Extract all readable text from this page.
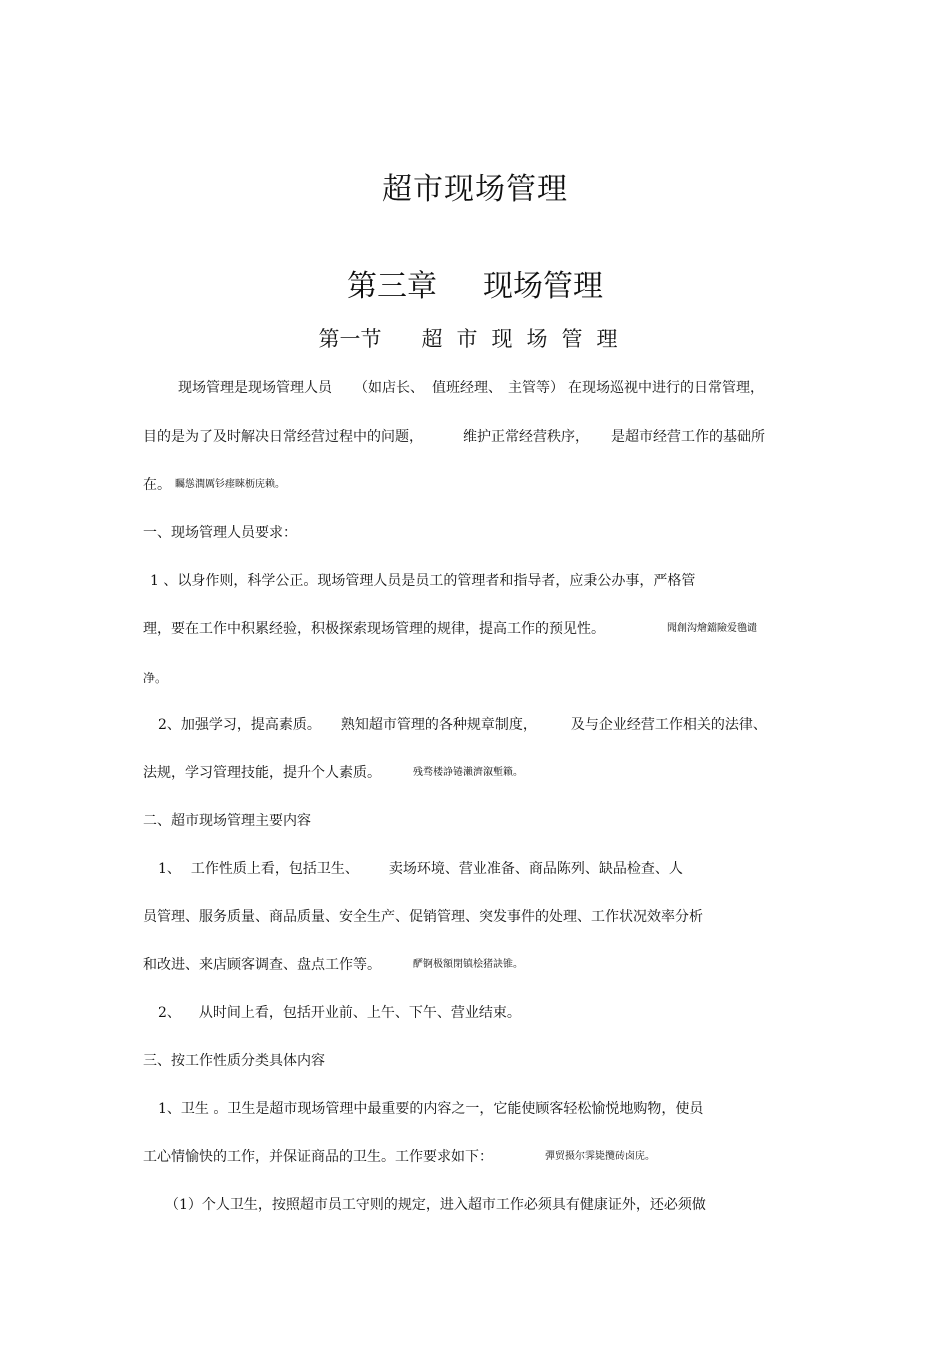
超市现场管理
第三章 现场管理
第一节 超市现场管理
现场管理是现场管理人员 （如店长、 值班经理、 主管等） 在现场巡视中进行的日常管理，
目的是为了及时解决日常经营过程中的问题，	维护正常经营秩序， 是超市经营工作的基础所
在。 矚慫潤厲钐瘗睞枥庑赖。
一、现场管理人员要求：
1 、以身作则，科学公正。现场管理人员是员工的管理者和指导者，应秉公办事，严格管
理，要在工作中积累经验，积极探索现场管理的规律，提高工作的预见性。	聞創沟燴鐺險爱氇谴
净。
2、加强学习，提高素质。 熟知超市管理的各种规章制度， 及与企业经营工作相关的法律、
法规，学习管理技能，提升个人素质。	残骛楼諍锩瀨濟溆塹籟。
二、超市现场管理主要内容
1、 工作性质上看，包括卫生、 卖场环境、营业准备、商品陈列、缺品检查、人
员管理、服务质量、商品质量、安全生产、促销管理、突发事件的处理、工作状况效率分析
和改进、来店顾客调查、盘点工作等。	酽锕极額閉镇桧猪訣锥。
2、 从时间上看，包括开业前、上午、下午、营业结束。
三、按工作性质分类具体内容
1、卫生 。卫生是超市现场管理中最重要的内容之一，它能使顾客轻松愉悦地购物，使员
工心情愉快的工作，并保证商品的卫生。工作要求如下：	彈贸摄尔霁毙攬砖卤庑。
（1）个人卫生，按照超市员工守则的规定，进入超市工作必须具有健康证外，还必须做
